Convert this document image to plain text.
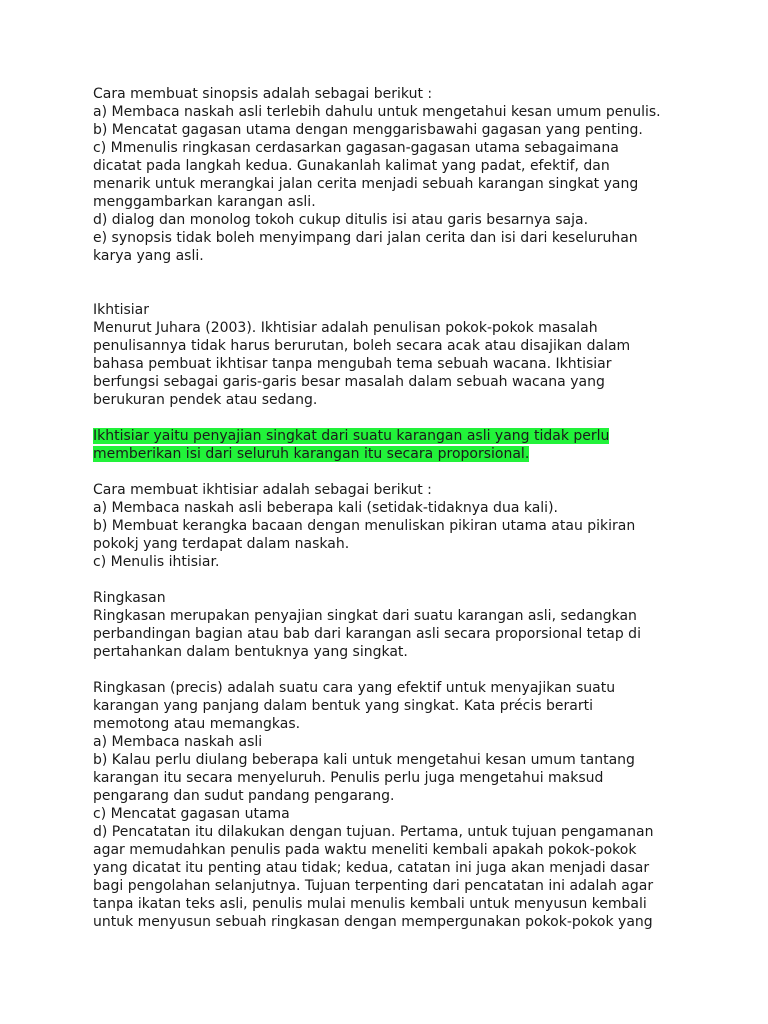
Cara membuat sinopsis adalah sebagai berikut :
a) Membaca naskah asli terlebih dahulu untuk mengetahui kesan umum penulis.
b) Mencatat gagasan utama dengan menggarisbawahi gagasan yang penting.
c) Mmenulis ringkasan cerdasarkan gagasan-gagasan utama sebagaimana
dicatat pada langkah kedua. Gunakanlah kalimat yang padat, efektif, dan
menarik untuk merangkai jalan cerita menjadi sebuah karangan singkat yang
menggambarkan karangan asli.
d) dialog dan monolog tokoh cukup ditulis isi atau garis besarnya saja.
e) synopsis tidak boleh menyimpang dari jalan cerita dan isi dari keseluruhan
karya yang asli.
Ikhtisiar
Menurut Juhara (2003). Ikhtisiar adalah penulisan pokok-pokok masalah
penulisannya tidak harus berurutan, boleh secara acak atau disajikan dalam
bahasa pembuat ikhtisar tanpa mengubah tema sebuah wacana. Ikhtisiar
berfungsi sebagai garis-garis besar masalah dalam sebuah wacana yang
berukuran pendek atau sedang.
Ikhtisiar yaitu penyajian singkat dari suatu karangan asli yang tidak perlu
memberikan isi dari seluruh karangan itu secara proporsional.
Cara membuat ikhtisiar adalah sebagai berikut :
a) Membaca naskah asli beberapa kali (setidak-tidaknya dua kali).
b) Membuat kerangka bacaan dengan menuliskan pikiran utama atau pikiran
pokokj yang terdapat dalam naskah.
c) Menulis ihtisiar.
Ringkasan
Ringkasan merupakan penyajian singkat dari suatu karangan asli, sedangkan
perbandingan bagian atau bab dari karangan asli secara proporsional tetap di
pertahankan dalam bentuknya yang singkat.
Ringkasan (precis) adalah suatu cara yang efektif untuk menyajikan suatu
karangan yang panjang dalam bentuk yang singkat. Kata précis berarti
memotong atau memangkas.
a) Membaca naskah asli
b) Kalau perlu diulang beberapa kali untuk mengetahui kesan umum tantang
karangan itu secara menyeluruh. Penulis perlu juga mengetahui maksud
pengarang dan sudut pandang pengarang.
c) Mencatat gagasan utama
d) Pencatatan itu dilakukan dengan tujuan. Pertama, untuk tujuan pengamanan
agar memudahkan penulis pada waktu meneliti kembali apakah pokok-pokok
yang dicatat itu penting atau tidak; kedua, catatan ini juga akan menjadi dasar
bagi pengolahan selanjutnya. Tujuan terpenting dari pencatatan ini adalah agar
tanpa ikatan teks asli, penulis mulai menulis kembali untuk menyusun kembali
untuk menyusun sebuah ringkasan dengan mempergunakan pokok-pokok yang
